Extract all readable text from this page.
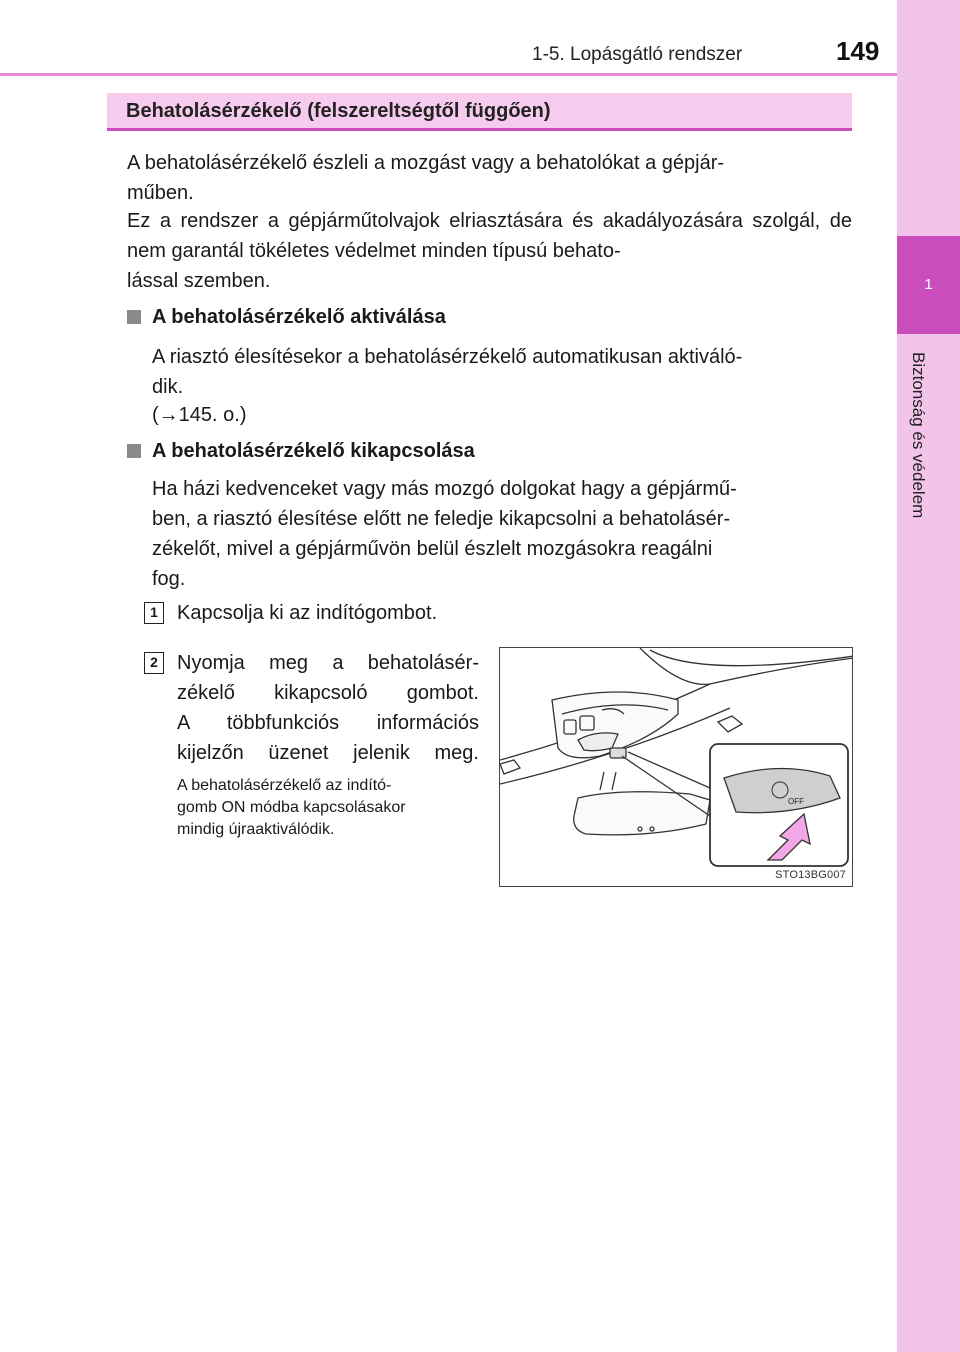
1-5. Lopásgátló rendszer	149
1
Biztonság és védelem
Behatolásérzékelő (felszereltségtől függően)
A behatolásérzékelő észleli a mozgást vagy a behatolókat a gépjár-
műben.
Ez a rendszer a gépjárműtolvajok elriasztására és akadályozására szolgál, de nem garantál tökéletes védelmet minden típusú behato-
lással szemben.
A behatolásérzékelő aktiválása
A riasztó élesítésekor a behatolásérzékelő automatikusan aktiváló-
dik.
(→145. o.)
A behatolásérzékelő kikapcsolása
Ha házi kedvenceket vagy más mozgó dolgokat hagy a gépjármű-
ben, a riasztó élesítése előtt ne feledje kikapcsolni a behatolásér-
zékelőt, mivel a gépjárművön belül észlelt mozgásokra reagálni
fog.
1 Kapcsolja ki az indítógombot.
2 Nyomja meg a behatolásér-
zékelő kikapcsoló gombot.
A többfunkciós információs
kijelzőn üzenet jelenik meg.
A behatolásérzékelő az indító-
gomb ON módba kapcsolásakor
mindig újraaktiválódik.
OFF
STO13BG007
